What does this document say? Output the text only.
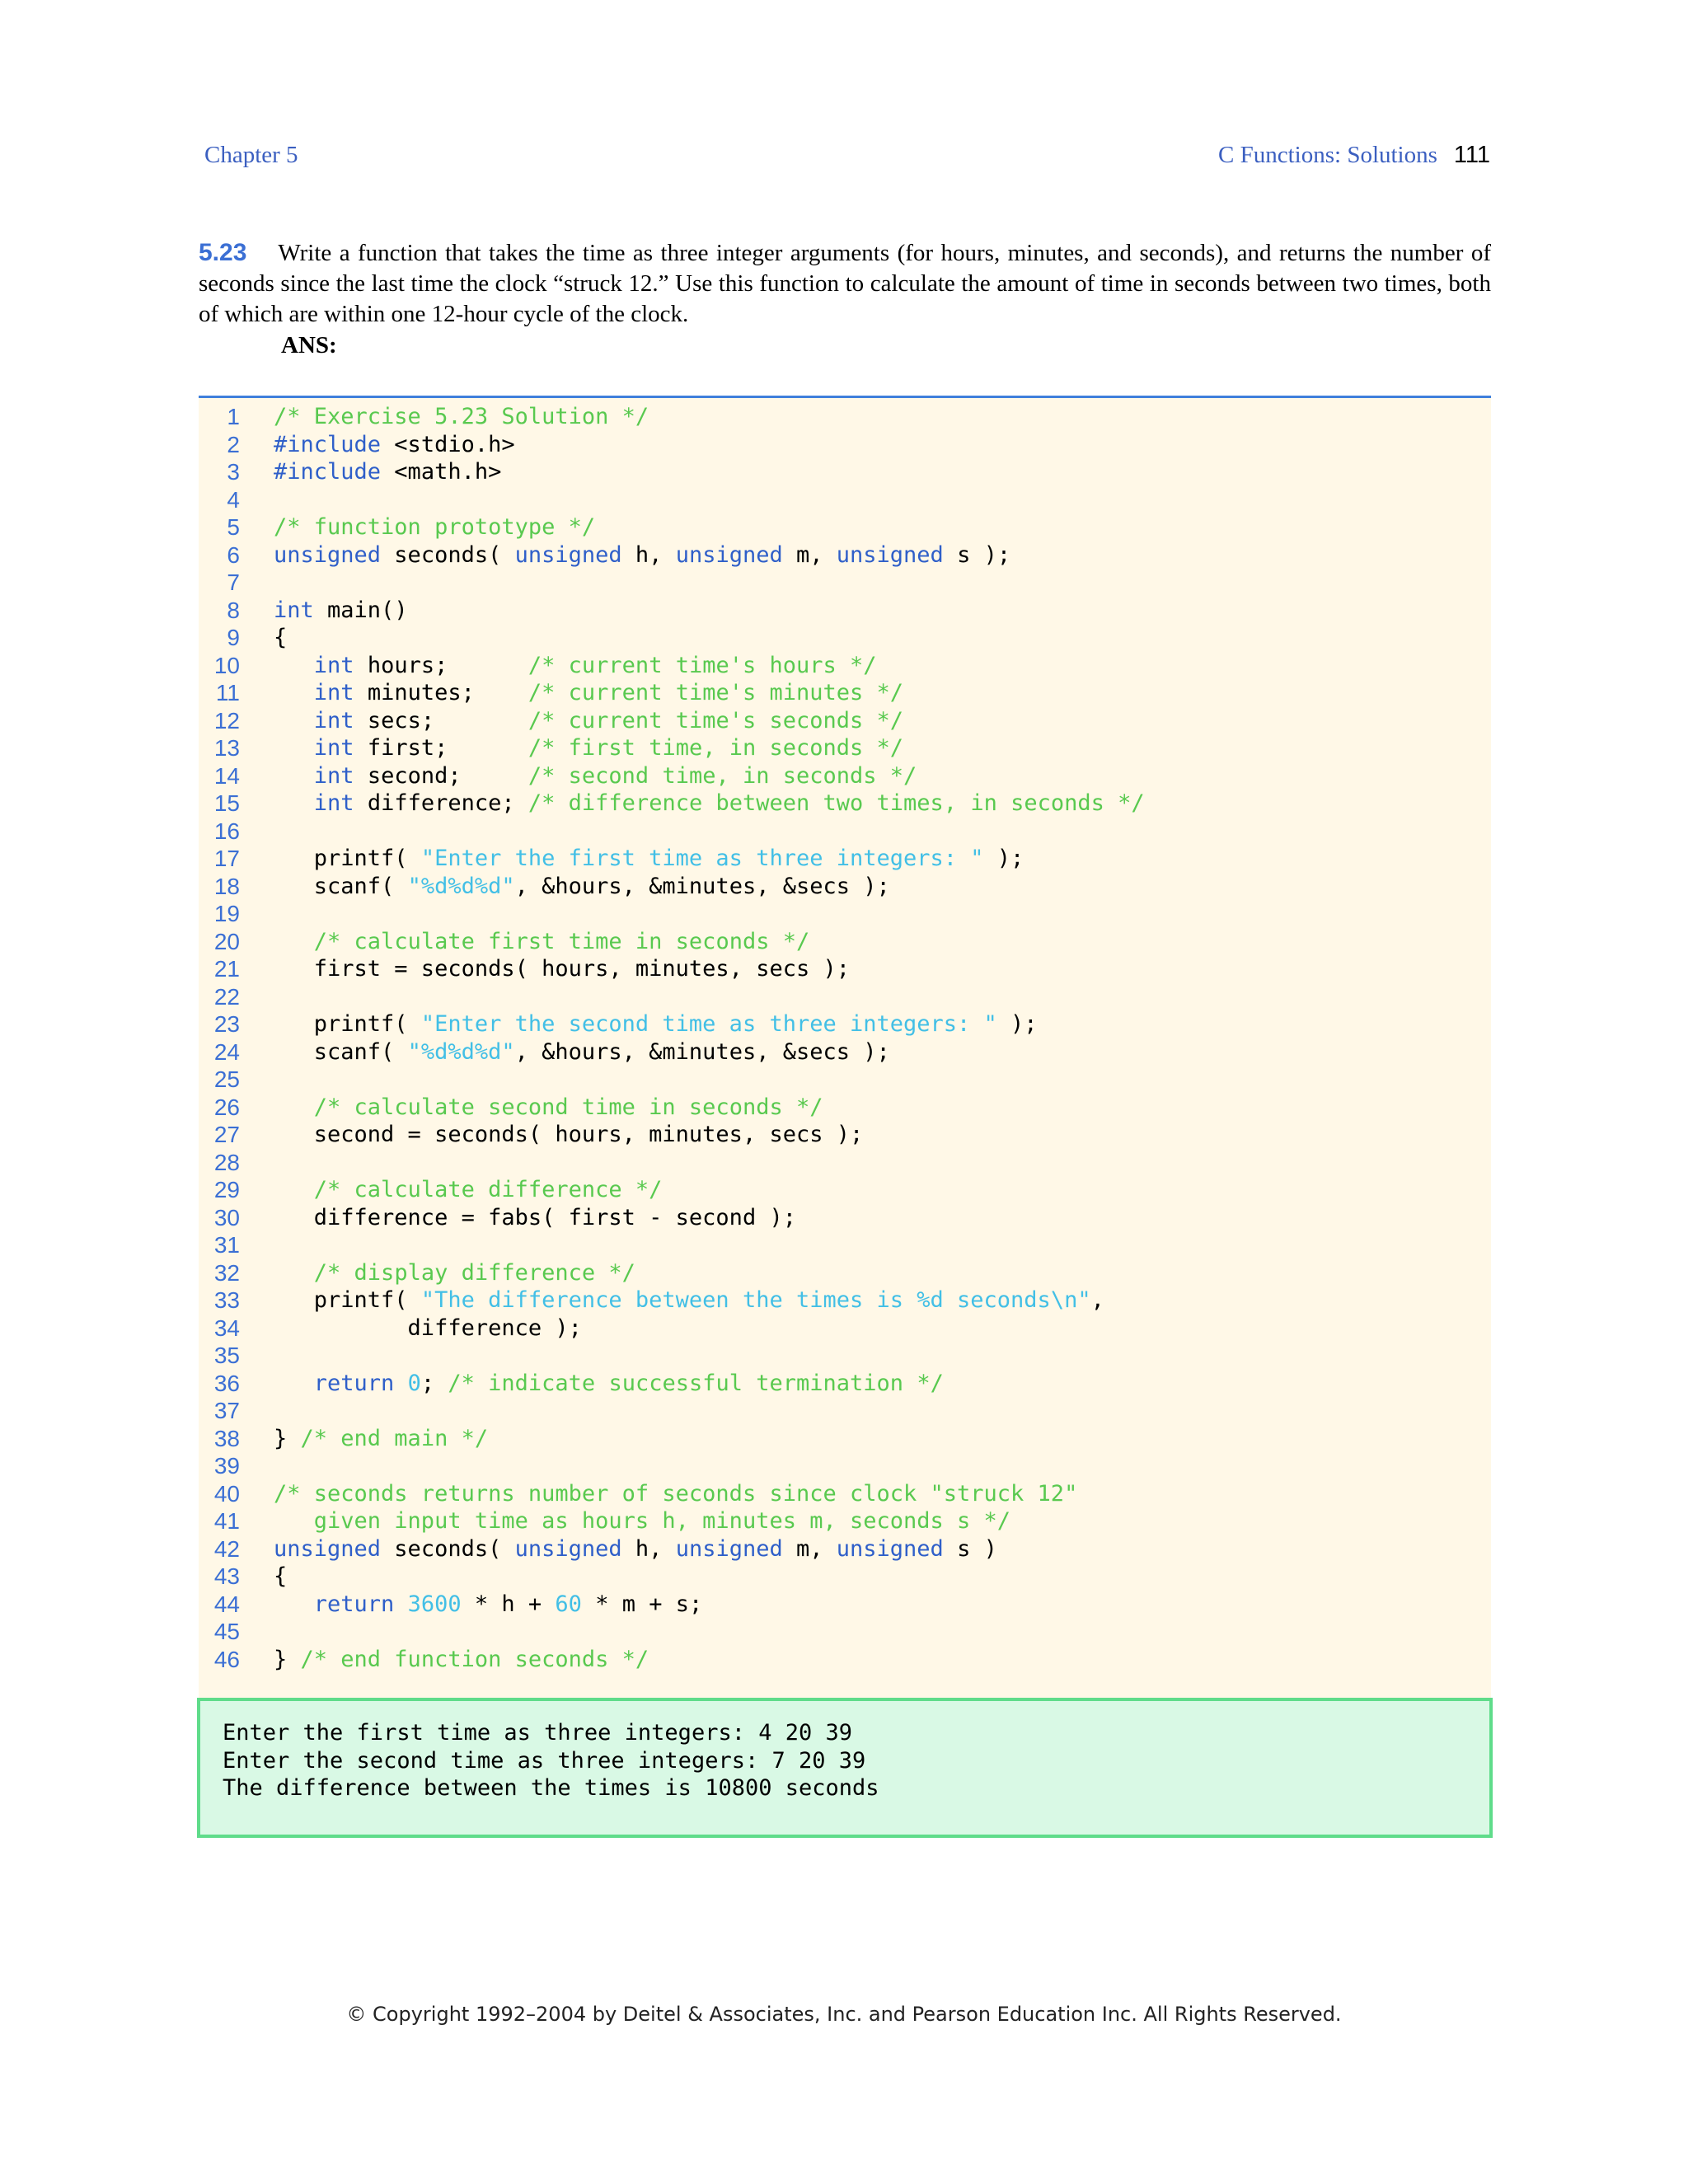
Chapter 5	C Functions: Solutions 111
5.23 Write a function that takes the time as three integer arguments (for hours, minutes, and seconds), and returns the number of seconds since the last time the clock “struck 12.” Use this function to calculate the amount of time in seconds between two times, both of which are within one 12-hour cycle of the clock.
ANS:
1 /* Exercise 5.23 Solution */
2 #include <stdio.h>
3 #include <math.h>
4
5 /* function prototype */
6 unsigned seconds( unsigned h, unsigned m, unsigned s );
7
8 int main()
9 {
10	int hours;      /* current time's hours */
11	int minutes;    /* current time's minutes */
12	int secs;       /* current time's seconds */
13	int first;      /* first time, in seconds */
14	int second;     /* second time, in seconds */
15	int difference; /* difference between two times, in seconds */
16
17 printf( "Enter the first time as three integers: " );
18 scanf( "%d%d%d", &hours, &minutes, &secs );
19
20	/* calculate first time in seconds */
21 first = seconds( hours, minutes, secs );
22
23 printf( "Enter the second time as three integers: " );
24 scanf( "%d%d%d", &hours, &minutes, &secs );
25
26	/* calculate second time in seconds */
27 second = seconds( hours, minutes, secs );
28
29	/* calculate difference */
30 difference = fabs( first - second );
31
32	/* display difference */
33 printf( "The difference between the times is %d seconds\n",
34 difference );
35
36	return 0; /* indicate successful termination */
37
38 } /* end main */
39
40 /* seconds returns number of seconds since clock "struck 12"
41 given input time as hours h, minutes m, seconds s */
42 unsigned seconds( unsigned h, unsigned m, unsigned s )
43 {
44	return 3600 * h + 60 * m + s;
45
46 } /* end function seconds */
Enter the first time as three integers: 4 20 39
Enter the second time as three integers: 7 20 39
The difference between the times is 10800 seconds
© Copyright 1992–2004 by Deitel & Associates, Inc. and Pearson Education Inc. All Rights Reserved.
